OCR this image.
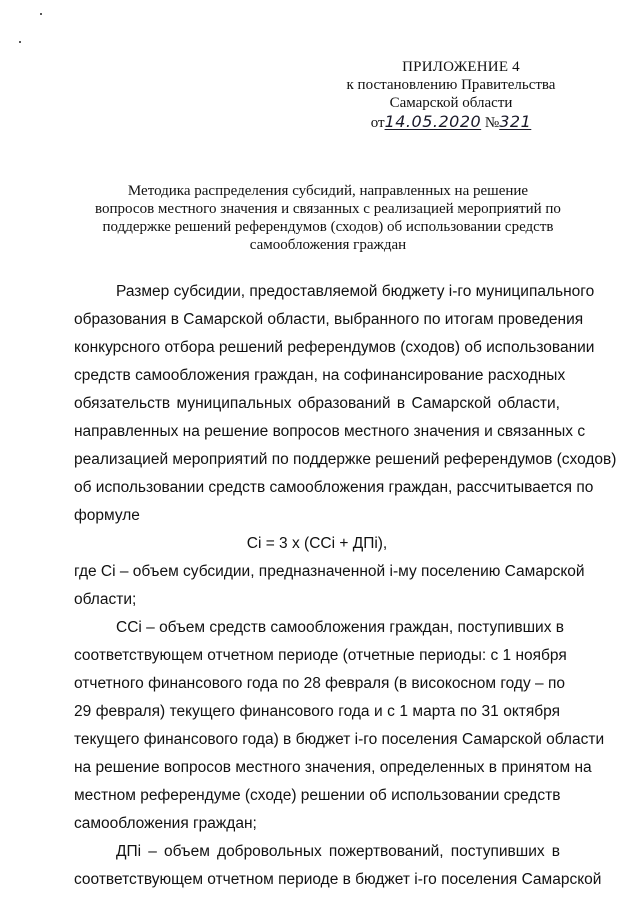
ПРИЛОЖЕНИЕ 4
к постановлению Правительства
Самарской области
от14.05.2020 №321
Методика распределения субсидий, направленных на решение
вопросов местного значения и связанных с реализацией мероприятий по
поддержке решений референдумов (сходов) об использовании средств
самообложения граждан
Размер субсидии, предоставляемой бюджету i-го муниципального
образования в Самарской области, выбранного по итогам проведения
конкурсного отбора решений референдумов (сходов) об использовании
средств самообложения граждан, на софинансирование расходных
обязательств муниципальных образований в Самарской области,
направленных на решение вопросов местного значения и связанных с
реализацией мероприятий по поддержке решений референдумов (сходов)
об использовании средств самообложения граждан, рассчитывается по
формуле
Ci = 3 x (CCi + ДПi),
где Ci – объем субсидии, предназначенной i-му поселению Самарской
области;
CCi – объем средств самообложения граждан, поступивших в
соответствующем отчетном периоде (отчетные периоды: с 1 ноября
отчетного финансового года по 28 февраля (в високосном году – по
29 февраля) текущего финансового года и с 1 марта по 31 октября
текущего финансового года) в бюджет i-го поселения Самарской области
на решение вопросов местного значения, определенных в принятом на
местном референдуме (сходе) решении об использовании средств
самообложения граждан;
ДПi – объем добровольных пожертвований, поступивших в
соответствующем отчетном периоде в бюджет i-го поселения Самарской
